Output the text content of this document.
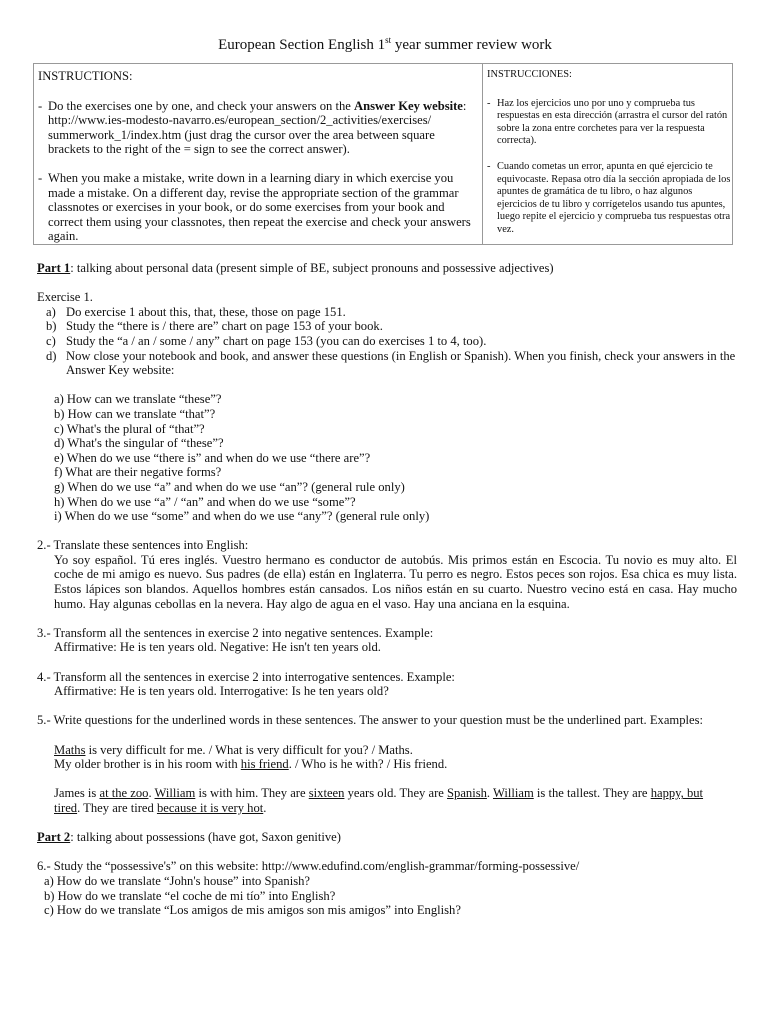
European Section English 1st year summer review work

INSTRUCTIONS:

- Do the exercises one by one, and check your answers on the Answer Key website: http://www.ies-modesto-navarro.es/european_section/2_activities/exercises/ summerwork_1/index.htm (just drag the cursor over the area between square brackets to the right of the = sign to see the correct answer).

- When you make a mistake, write down in a learning diary in which exercise you made a mistake. On a different day, revise the appropriate section of the grammar classnotes or exercises in your book, or do some exercises from your book and correct them using your classnotes, then repeat the exercise and check your answers again.

INSTRUCCIONES:

- Haz los ejercicios uno por uno y comprueba tus respuestas en esta dirección (arrastra el cursor del ratón sobre la zona entre corchetes para ver la respuesta correcta).

- Cuando cometas un error, apunta en qué ejercicio te equivocaste. Repasa otro día la sección apropiada de los apuntes de gramática de tu libro, o haz algunos ejercicios de tu libro y corrígetelos usando tus apuntes, luego repite el ejercicio y comprueba tus respuestas otra vez.

Part 1: talking about personal data (present simple of BE, subject pronouns and possessive adjectives)

Exercise 1.

a) Do exercise 1 about this, that, these, those on page 151.

b) Study the “there is / there are” chart on page 153 of your book.

c) Study the “a / an / some / any” chart on page 153 (you can do exercises 1 to 4, too).

d) Now close your notebook and book, and answer these questions (in English or Spanish). When you finish, check your answers in the Answer Key website:

a) How can we translate “these”?

b) How can we translate “that”?

c) What's the plural of “that”?

d) What's the singular of “these”?

e) When do we use “there is” and when do we use “there are”?

f) What are their negative forms?

g) When do we use “a” and when do we use “an”? (general rule only)

h) When do we use “a” / “an” and when do we use “some”?

i) When do we use “some” and when do we use “any”? (general rule only)

2.- Translate these sentences into English:

Yo soy español. Tú eres inglés. Vuestro hermano es conductor de autobús. Mis primos están en Escocia. Tu novio es muy alto. El coche de mi amigo es nuevo. Sus padres (de ella) están en Inglaterra. Tu perro es negro. Estos peces son rojos. Esa chica es muy lista. Estos lápices son blandos. Aquellos hombres están cansados. Los niños están en su cuarto. Nuestro vecino está en casa. Hay mucho humo. Hay algunas cebollas en la nevera. Hay algo de agua en el vaso. Hay una anciana en la esquina.

3.- Transform all the sentences in exercise 2 into negative sentences. Example:

Affirmative: He is ten years old. Negative: He isn't ten years old.

4.- Transform all the sentences in exercise 2 into interrogative sentences. Example:

Affirmative: He is ten years old. Interrogative: Is he ten years old?

5.- Write questions for the underlined words in these sentences. The answer to your question must be the underlined part. Examples:

Maths is very difficult for me. / What is very difficult for you? / Maths.

My older brother is in his room with his friend. / Who is he with? / His friend.

James is at the zoo. William is with him. They are sixteen years old. They are Spanish. William is the tallest. They are happy, but tired. They are tired because it is very hot.

Part 2: talking about possessions (have got, Saxon genitive)

6.- Study the “possessive's” on this website: http://www.edufind.com/english-grammar/forming-possessive/

a) How do we translate “John's house” into Spanish?

b) How do we translate “el coche de mi tío” into English?

c) How do we translate “Los amigos de mis amigos son mis amigos” into English?
